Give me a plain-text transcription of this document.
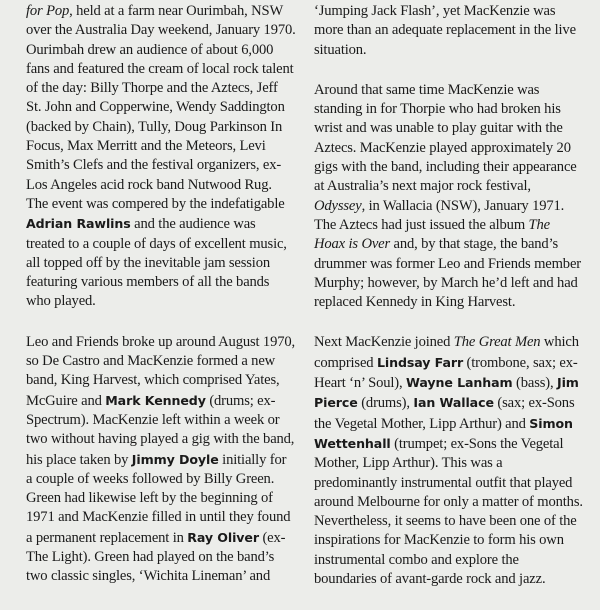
for Pop, held at a farm near Ourimbah, NSW over the Australia Day weekend, January 1970. Ourimbah drew an audience of about 6,000 fans and featured the cream of local rock talent of the day: Billy Thorpe and the Aztecs, Jeff St. John and Copperwine, Wendy Saddington (backed by Chain), Tully, Doug Parkinson In Focus, Max Merritt and the Meteors, Levi Smith’s Clefs and the festival organizers, ex-Los Angeles acid rock band Nutwood Rug. The event was compered by the indefatigable Adrian Rawlins and the audience was treated to a couple of days of excellent music, all topped off by the inevitable jam session featuring various members of all the bands who played.

Leo and Friends broke up around August 1970, so De Castro and MacKenzie formed a new band, King Harvest, which comprised Yates, McGuire and Mark Kennedy (drums; ex-Spectrum). MacKenzie left within a week or two without having played a gig with the band, his place taken by Jimmy Doyle initially for a couple of weeks followed by Billy Green. Green had likewise left by the beginning of 1971 and MacKenzie filled in until they found a permanent replacement in Ray Oliver (ex-The Light). Green had played on the band’s two classic singles, ‘Wichita Lineman’ and

‘Jumping Jack Flash’, yet MacKenzie was more than an adequate replacement in the live situation.

Around that same time MacKenzie was standing in for Thorpie who had broken his wrist and was unable to play guitar with the Aztecs. MacKenzie played approximately 20 gigs with the band, including their appearance at Australia’s next major rock festival, Odyssey, in Wallacia (NSW), January 1971. The Aztecs had just issued the album The Hoax is Over and, by that stage, the band’s drummer was former Leo and Friends member Murphy; however, by March he’d left and had replaced Kennedy in King Harvest.

Next MacKenzie joined The Great Men which comprised Lindsay Farr (trombone, sax; ex-Heart ‘n’ Soul), Wayne Lanham (bass), Jim Pierce (drums), Ian Wallace (sax; ex-Sons the Vegetal Mother, Lipp Arthur) and Simon Wettenhall (trumpet; ex-Sons the Vegetal Mother, Lipp Arthur). This was a predominantly instrumental outfit that played around Melbourne for only a matter of months. Nevertheless, it seems to have been one of the inspirations for MacKenzie to form his own instrumental combo and explore the boundaries of avant-garde rock and jazz.
